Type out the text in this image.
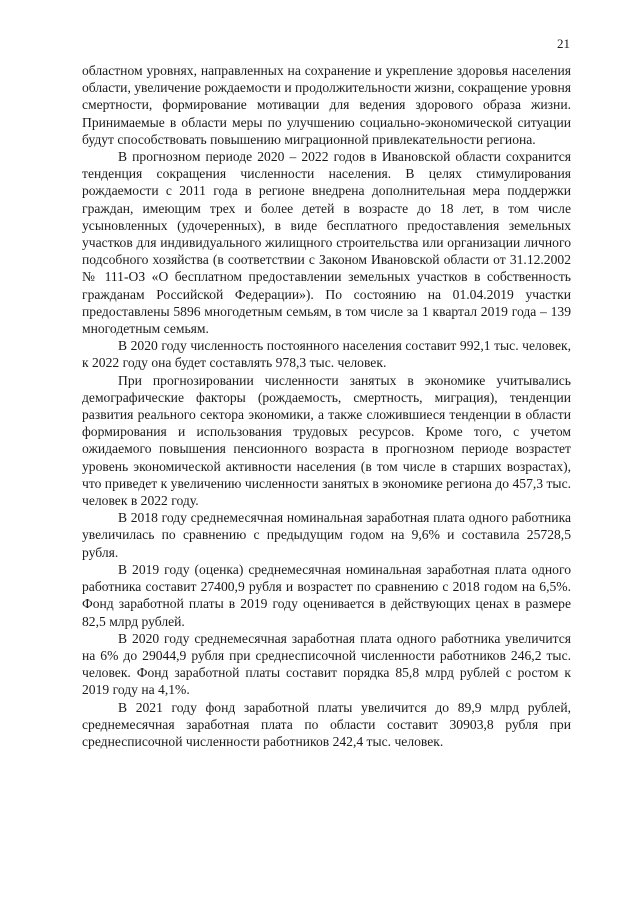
21

областном уровнях, направленных на сохранение и укрепление здоровья населения области, увеличение рождаемости и продолжительности жизни, сокращение уровня смертности, формирование мотивации для ведения здорового образа жизни. Принимаемые в области меры по улучшению социально-экономической ситуации будут способствовать повышению миграционной привлекательности региона.

В прогнозном периоде 2020 – 2022 годов в Ивановской области сохранится тенденция сокращения численности населения. В целях стимулирования рождаемости с 2011 года в регионе внедрена дополнительная мера поддержки граждан, имеющим трех и более детей в возрасте до 18 лет, в том числе усыновленных (удочеренных), в виде бесплатного предоставления земельных участков для индивидуального жилищного строительства или организации личного подсобного хозяйства (в соответствии с Законом Ивановской области от 31.12.2002 № 111-ОЗ «О бесплатном предоставлении земельных участков в собственность гражданам Российской Федерации»). По состоянию на 01.04.2019 участки предоставлены 5896 многодетным семьям, в том числе за 1 квартал 2019 года – 139 многодетным семьям.

В 2020 году численность постоянного населения составит 992,1 тыс. человек, к 2022 году она будет составлять 978,3 тыс. человек.

При прогнозировании численности занятых в экономике учитывались демографические факторы (рождаемость, смертность, миграция), тенденции развития реального сектора экономики, а также сложившиеся тенденции в области формирования и использования трудовых ресурсов. Кроме того, с учетом ожидаемого повышения пенсионного возраста в прогнозном периоде возрастет уровень экономической активности населения (в том числе в старших возрастах), что приведет к увеличению численности занятых в экономике региона до 457,3 тыс. человек в 2022 году.

В 2018 году среднемесячная номинальная заработная плата одного работника увеличилась по сравнению с предыдущим годом на 9,6% и составила 25728,5 рубля.

В 2019 году (оценка) среднемесячная номинальная заработная плата одного работника составит 27400,9 рубля и возрастет по сравнению с 2018 годом на 6,5%. Фонд заработной платы в 2019 году оценивается в действующих ценах в размере 82,5 млрд рублей.

В 2020 году среднемесячная заработная плата одного работника увеличится на 6% до 29044,9 рубля при среднесписочной численности работников 246,2 тыс. человек. Фонд заработной платы составит порядка 85,8 млрд рублей с ростом к 2019 году на 4,1%.

В 2021 году фонд заработной платы увеличится до 89,9 млрд рублей, среднемесячная заработная плата по области составит 30903,8 рубля при среднесписочной численности работников 242,4 тыс. человек.
